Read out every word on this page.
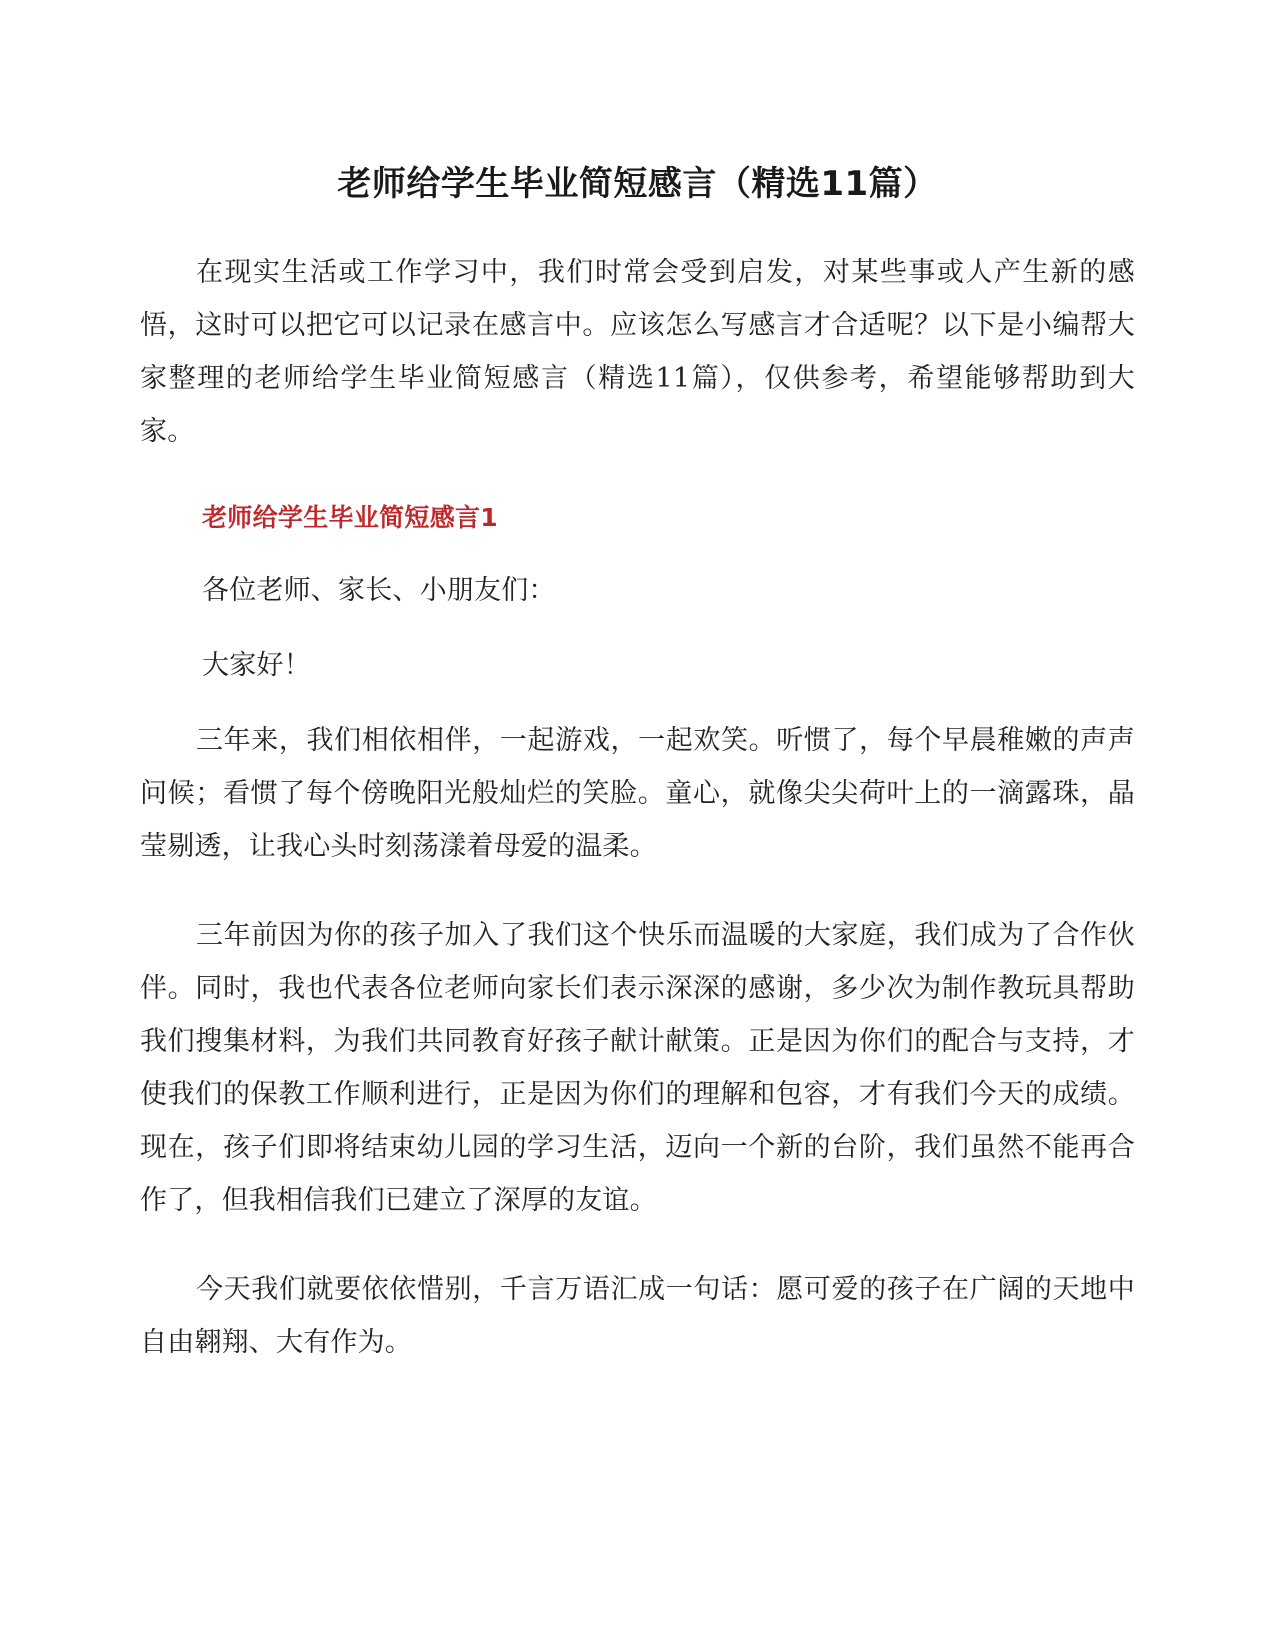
老师给学生毕业简短感言（精选11篇）

在现实生活或工作学习中，我们时常会受到启发，对某些事或人产生新的感悟，这时可以把它可以记录在感言中。应该怎么写感言才合适呢？以下是小编帮大家整理的老师给学生毕业简短感言（精选11篇），仅供参考，希望能够帮助到大家。

老师给学生毕业简短感言1

各位老师、家长、小朋友们：

大家好！

三年来，我们相依相伴，一起游戏，一起欢笑。听惯了，每个早晨稚嫩的声声问候；看惯了每个傍晚阳光般灿烂的笑脸。童心，就像尖尖荷叶上的一滴露珠，晶莹剔透，让我心头时刻荡漾着母爱的温柔。

三年前因为你的孩子加入了我们这个快乐而温暖的大家庭，我们成为了合作伙伴。同时，我也代表各位老师向家长们表示深深的感谢，多少次为制作教玩具帮助我们搜集材料，为我们共同教育好孩子献计献策。正是因为你们的配合与支持，才使我们的保教工作顺利进行，正是因为你们的理解和包容，才有我们今天的成绩。现在，孩子们即将结束幼儿园的学习生活，迈向一个新的台阶，我们虽然不能再合作了，但我相信我们已建立了深厚的友谊。

今天我们就要依依惜别，千言万语汇成一句话：愿可爱的孩子在广阔的天地中自由翱翔、大有作为。
